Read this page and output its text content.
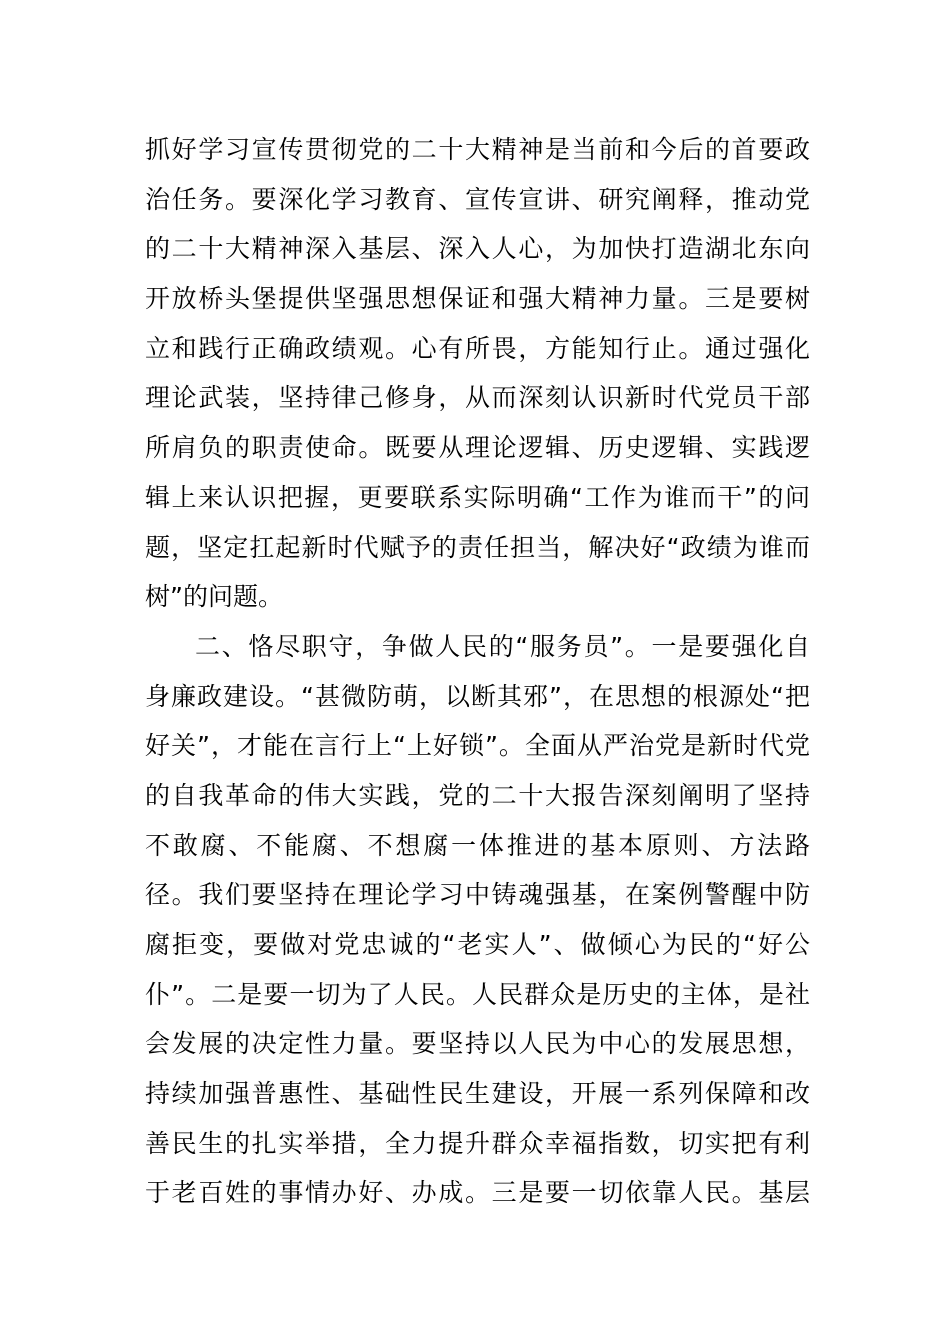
抓好学习宣传贯彻党的二十大精神是当前和今后的首要政
治任务。要深化学习教育、宣传宣讲、研究阐释，推动党
的二十大精神深入基层、深入人心，为加快打造湖北东向
开放桥头堡提供坚强思想保证和强大精神力量。三是要树
立和践行正确政绩观。心有所畏，方能知行止。通过强化
理论武装，坚持律己修身，从而深刻认识新时代党员干部
所肩负的职责使命。既要从理论逻辑、历史逻辑、实践逻
辑上来认识把握，更要联系实际明确“工作为谁而干”的问
题，坚定扛起新时代赋予的责任担当，解决好“政绩为谁而
树”的问题。
二、恪尽职守，争做人民的“服务员”。一是要强化自
身廉政建设。“甚微防萌，以断其邪”，在思想的根源处“把
好关”，才能在言行上“上好锁”。全面从严治党是新时代党
的自我革命的伟大实践，党的二十大报告深刻阐明了坚持
不敢腐、不能腐、不想腐一体推进的基本原则、方法路
径。我们要坚持在理论学习中铸魂强基，在案例警醒中防
腐拒变，要做对党忠诚的“老实人”、做倾心为民的“好公
仆”。二是要一切为了人民。人民群众是历史的主体，是社
会发展的决定性力量。要坚持以人民为中心的发展思想，
持续加强普惠性、基础性民生建设，开展一系列保障和改
善民生的扎实举措，全力提升群众幸福指数，切实把有利
于老百姓的事情办好、办成。三是要一切依靠人民。基层
